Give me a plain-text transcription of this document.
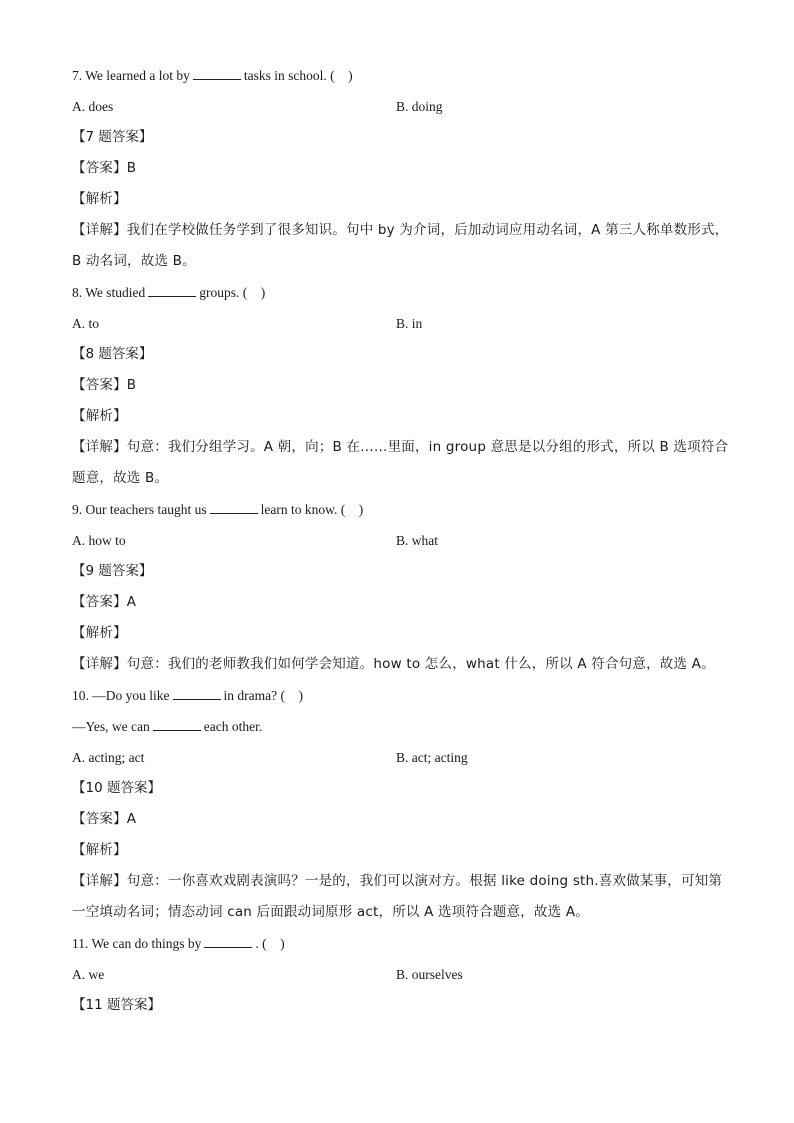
7. We learned a lot by	tasks in school. (    )
A. does	B. doing
【7 题答案】
【答案】B
【解析】
【详解】我们在学校做任务学到了很多知识。句中 by 为介词，后加动词应用动名词，A 第三人称单数形式，B 动名词，故选 B。
8. We studied	groups. (    )
A. to	B. in
【8 题答案】
【答案】B
【解析】
【详解】句意：我们分组学习。A 朝，向；B 在……里面，in group 意思是以分组的形式，所以 B 选项符合题意，故选 B。
9. Our teachers taught us	learn to know. (    )
A. how to	B. what
【9 题答案】
【答案】A
【解析】
【详解】句意：我们的老师教我们如何学会知道。how to 怎么，what 什么，所以 A 符合句意，故选 A。
10. —Do you like	in drama? (    )
—Yes, we can	each other.
A. acting; act	B. act; acting
【10 题答案】
【答案】A
【解析】
【详解】句意：一你喜欢戏剧表演吗？一是的，我们可以演对方。根据 like doing sth.喜欢做某事，可知第一空填动名词；情态动词 can 后面跟动词原形 act，所以 A 选项符合题意，故选 A。
11. We can do things by	. (    )
A. we	B. ourselves
【11 题答案】
